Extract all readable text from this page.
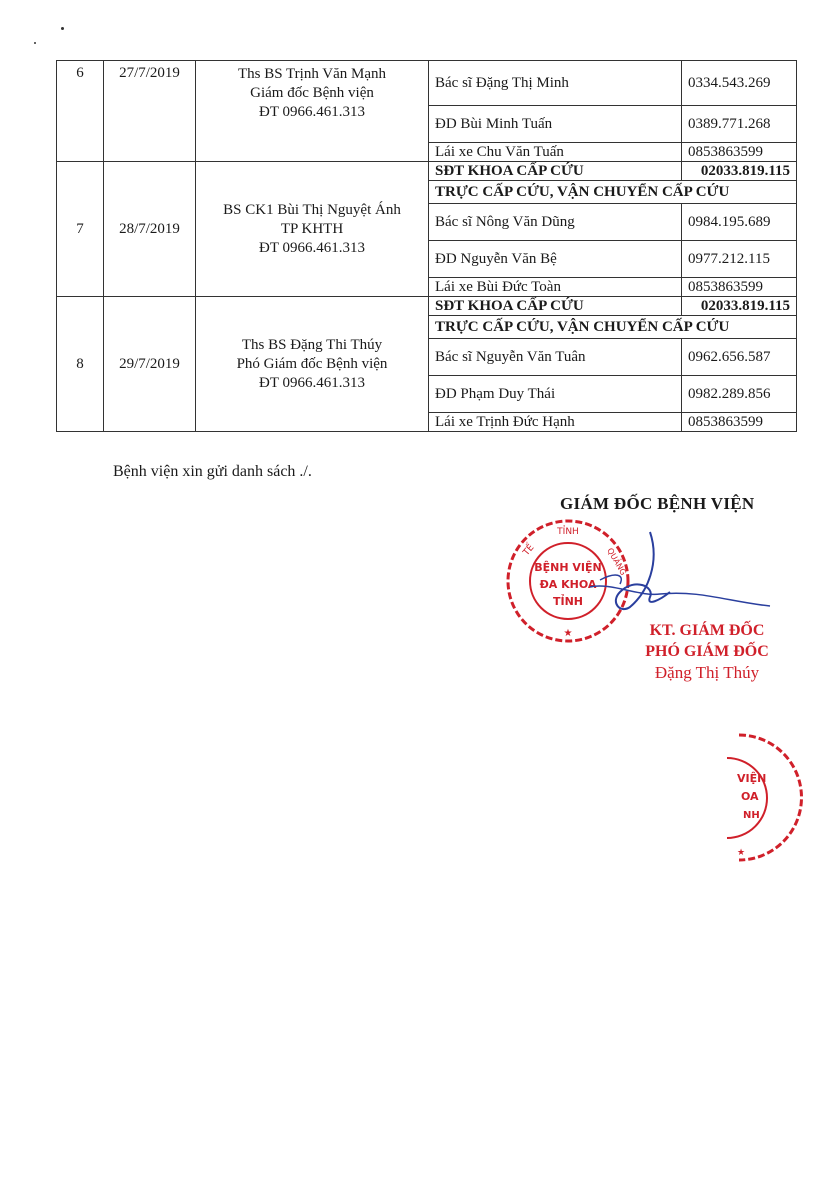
6	27/7/2019	Ths BS Trịnh Văn Mạnh
Giám đốc Bệnh viện
ĐT 0966.461.313	Bác sĩ Đặng Thị Minh	0334.543.269
			ĐD Bùi Minh Tuấn	0389.771.268
			Lái xe Chu Văn Tuấn	0853863599
7	28/7/2019	BS CK1 Bùi Thị Nguyệt Ánh
TP KHTH
ĐT 0966.461.313	SĐT KHOA CẤP CỨU	02033.819.115
			TRỰC CẤP CỨU, VẬN CHUYỂN CẤP CỨU	
			Bác sĩ Nông Văn Dũng	0984.195.689
			ĐD Nguyễn Văn Bệ	0977.212.115
			Lái xe Bùi Đức Toàn	0853863599
8	29/7/2019	Ths BS Đặng Thi Thúy
Phó Giám đốc Bệnh viện
ĐT 0966.461.313	SĐT KHOA CẤP CỨU	02033.819.115
			TRỰC CẤP CỨU, VẬN CHUYỂN CẤP CỨU	
			Bác sĩ Nguyễn Văn Tuân	0962.656.587
			ĐD Phạm Duy Thái	0982.289.856
			Lái xe Trịnh Đức Hạnh	0853863599
Bệnh viện xin gửi danh sách ./.
GIÁM ĐỐC BỆNH VIỆN
TỈNH
TẾ	QUẢNG
BỆNH VIỆN
ĐA KHOA
TỈNH
★	KT. GIÁM ĐỐC
PHÓ GIÁM ĐỐC
Đặng Thị Thúy
VIỆN
OA
NH
★
